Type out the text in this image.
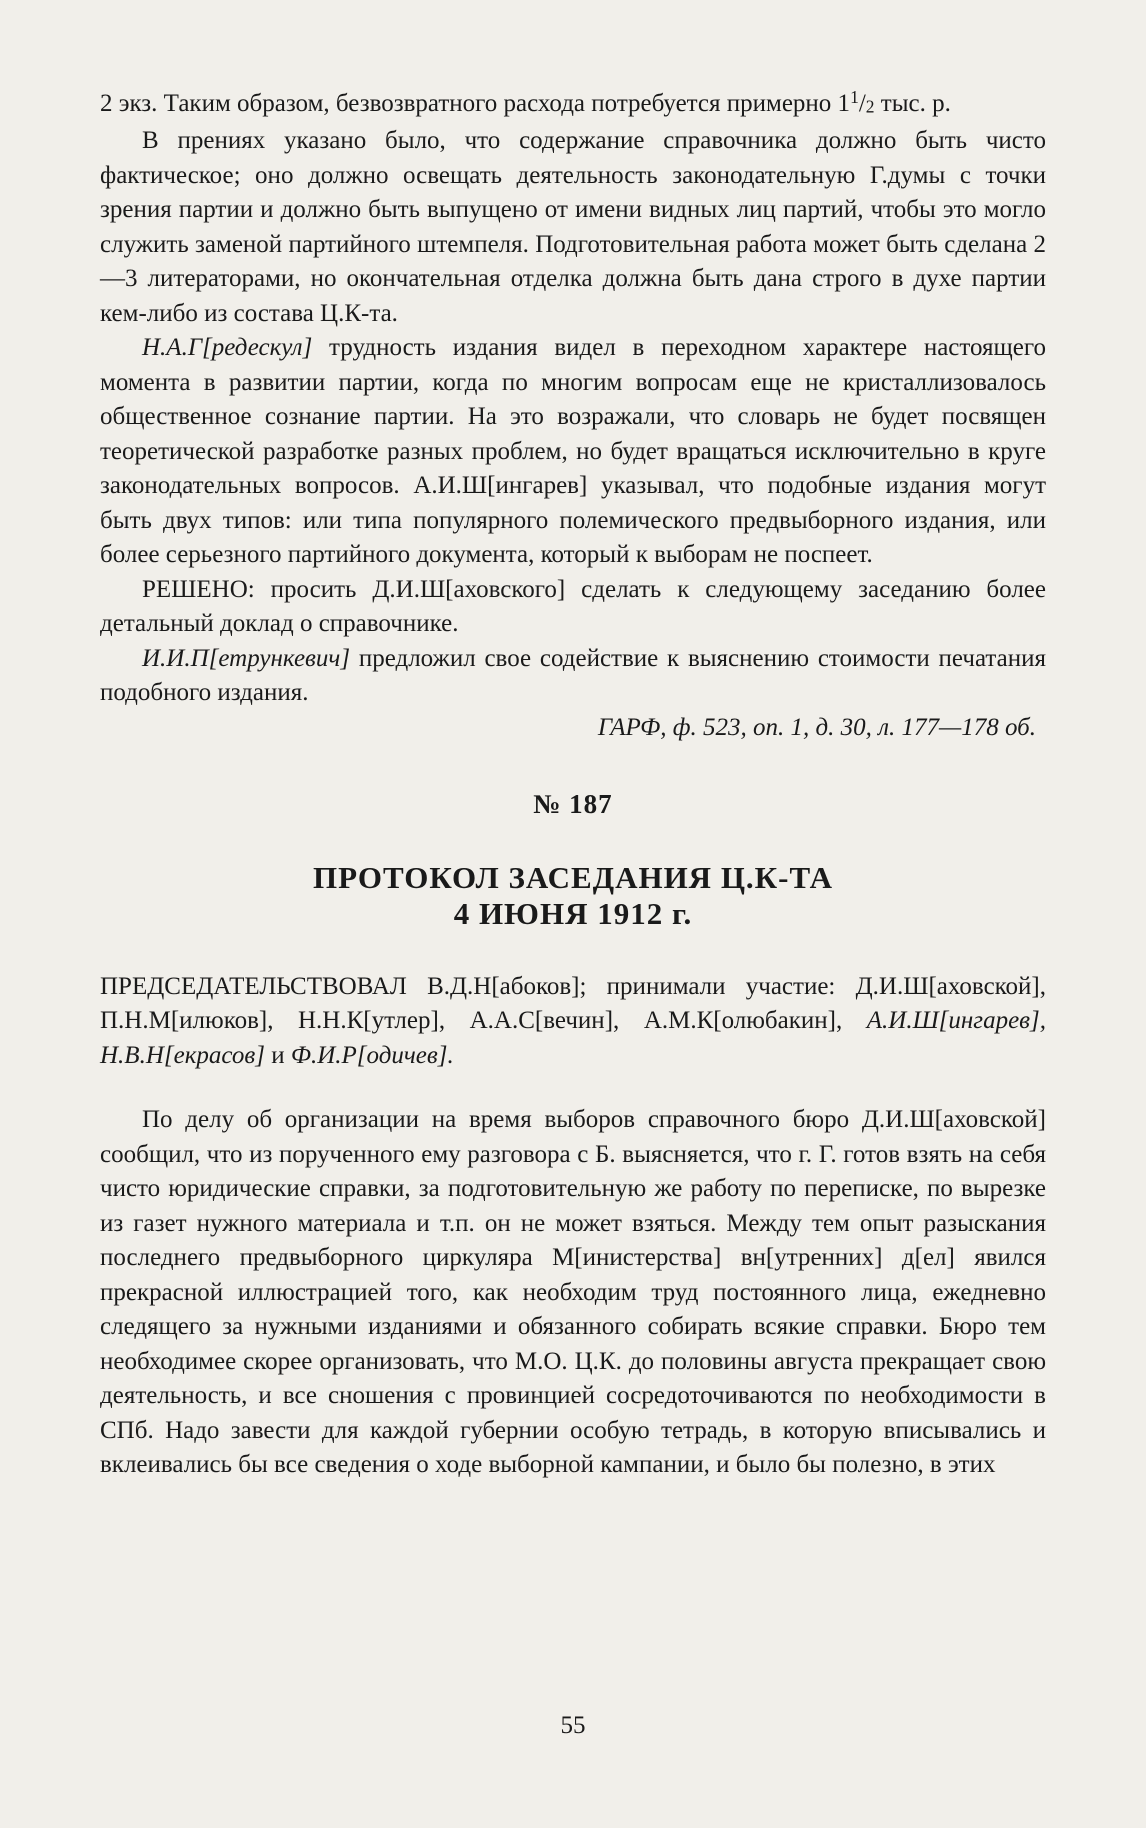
2 экз. Таким образом, безвозвратного расхода потребуется примерно $1^1/2$ тыс. р.

В прениях указано было, что содержание справочника должно быть чисто фактическое; оно должно освещать деятельность законодательную Г.думы с точки зрения партии и должно быть выпущено от имени видных лиц партий, чтобы это могло служить заменой партийного штемпеля. Подготовительная работа может быть сделана 2—3 литераторами, но окончательная отделка должна быть дана строго в духе партии кем-либо из состава Ц.К-та.

Н.А.Г[редескул] трудность издания видел в переходном характере настоящего момента в развитии партии, когда по многим вопросам еще не кристаллизовалось общественное сознание партии. На это возражали, что словарь не будет посвящен теоретической разработке разных проблем, но будет вращаться исключительно в круге законодательных вопросов. А.И.Ш[ингарев] указывал, что подобные издания могут быть двух типов: или типа популярного полемического предвыборного издания, или более серьезного партийного документа, который к выборам не поспеет.

РЕШЕНО: просить Д.И.Ш[аховского] сделать к следующему заседанию более детальный доклад о справочнике.

И.И.П[етрункевич] предложил свое содействие к выяснению стоимости печатания подобного издания.

ГАРФ, ф. 523, оп. 1, д. 30, л. 177—178 об.

№ 187
ПРОТОКОЛ ЗАСЕДАНИЯ Ц.К-ТА
4 ИЮНЯ 1912 г.

ПРЕДСЕДАТЕЛЬСТВОВАЛ В.Д.Н[абоков]; принимали участие: Д.И.Ш[аховской], П.Н.М[илюков], Н.Н.К[утлер], А.А.С[вечин], А.М.К[олюбакин], А.И.Ш[ингарев], Н.В.Н[екрасов] и Ф.И.Р[одичев].

По делу об организации на время выборов справочного бюро Д.И.Ш[аховской] сообщил, что из порученного ему разговора с Б. выясняется, что г. Г. готов взять на себя чисто юридические справки, за подготовительную же работу по переписке, по вырезке из газет нужного материала и т.п. он не может взяться. Между тем опыт разыскания последнего предвыборного циркуляра М[инистерства] вн[утренних] д[ел] явился прекрасной иллюстрацией того, как необходим труд постоянного лица, ежедневно следящего за нужными изданиями и обязанного собирать всякие справки. Бюро тем необходимее скорее организовать, что М.О. Ц.К. до половины августа прекращает свою деятельность, и все сношения с провинцией сосредоточиваются по необходимости в СПб. Надо завести для каждой губернии особую тетрадь, в которую вписывались и вклеивались бы все сведения о ходе выборной кампании, и было бы полезно, в этих

55
